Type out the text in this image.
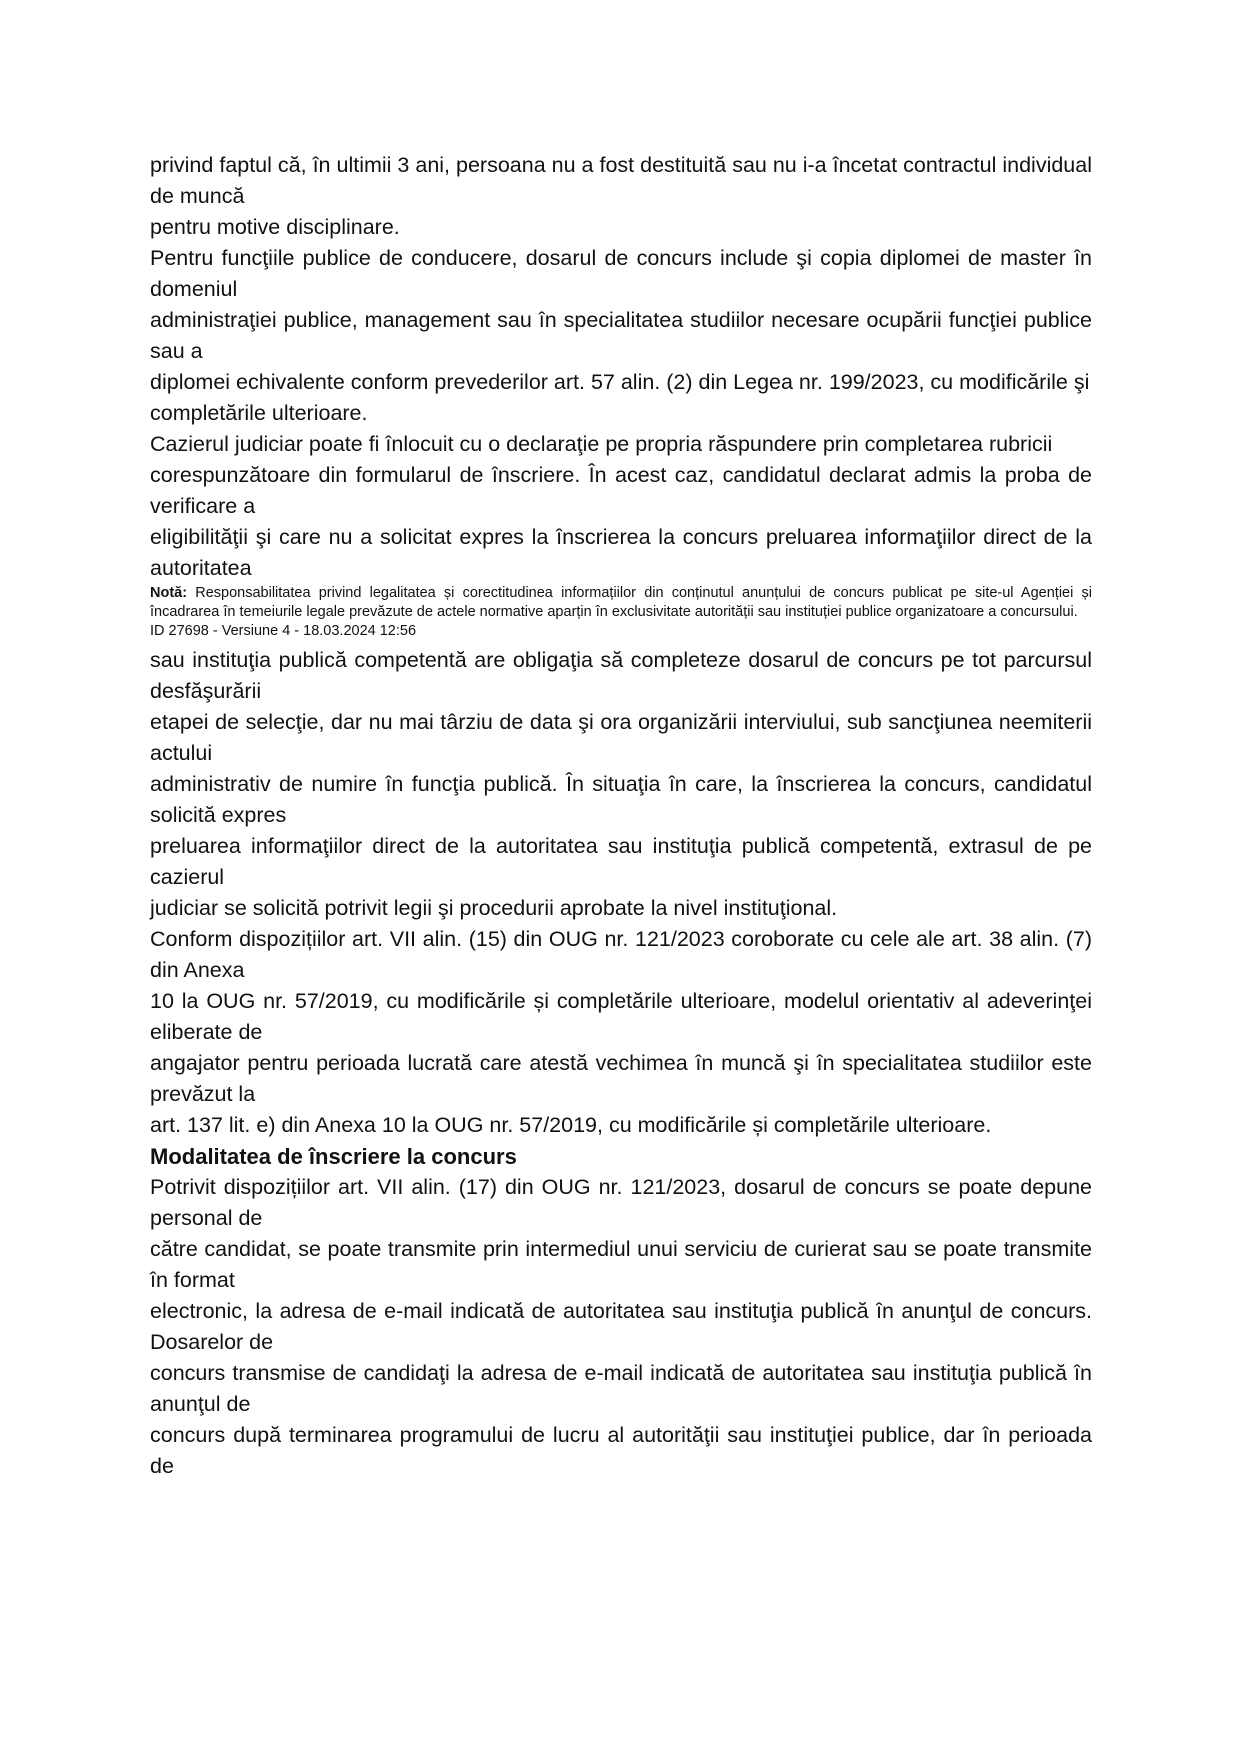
privind faptul că, în ultimii 3 ani, persoana nu a fost destituită sau nu i-a încetat contractul individual de muncă
pentru motive disciplinare.

Pentru funcţiile publice de conducere, dosarul de concurs include şi copia diplomei de master în domeniul
administraţiei publice, management sau în specialitatea studiilor necesare ocupării funcţiei publice sau a
diplomei echivalente conform prevederilor art. 57 alin. (2) din Legea nr. 199/2023, cu modificările şi
completările ulterioare.

Cazierul judiciar poate fi înlocuit cu o declaraţie pe propria răspundere prin completarea rubricii
corespunzătoare din formularul de înscriere. În acest caz, candidatul declarat admis la proba de verificare a
eligibilităţii şi care nu a solicitat expres la înscrierea la concurs preluarea informaţiilor direct de la autoritatea

Notă: Responsabilitatea privind legalitatea și corectitudinea informațiilor din conținutul anunțului de concurs publicat pe site-ul Agenției și încadrarea în temeiurile legale prevăzute de actele normative aparțin în exclusivitate autorității sau instituției publice organizatoare a concursului.

ID 27698 - Versiune 4 - 18.03.2024 12:56

sau instituţia publică competentă are obligaţia să completeze dosarul de concurs pe tot parcursul desfăşurării
etapei de selecţie, dar nu mai târziu de data şi ora organizării interviului, sub sancţiunea neemiterii actului
administrativ de numire în funcţia publică. În situaţia în care, la înscrierea la concurs, candidatul solicită expres
preluarea informaţiilor direct de la autoritatea sau instituţia publică competentă, extrasul de pe cazierul
judiciar se solicită potrivit legii şi procedurii aprobate la nivel instituţional.

Conform dispozițiilor art. VII alin. (15) din OUG nr. 121/2023 coroborate cu cele ale art. 38 alin. (7) din Anexa
10 la OUG nr. 57/2019, cu modificările și completările ulterioare, modelul orientativ al adeverinţei eliberate de
angajator pentru perioada lucrată care atestă vechimea în muncă şi în specialitatea studiilor este prevăzut la
art. 137 lit. e) din Anexa 10 la OUG nr. 57/2019, cu modificările și completările ulterioare.

Modalitatea de înscriere la concurs

Potrivit dispozițiilor art. VII alin. (17) din OUG nr. 121/2023, dosarul de concurs se poate depune personal de
către candidat, se poate transmite prin intermediul unui serviciu de curierat sau se poate transmite în format
electronic, la adresa de e-mail indicată de autoritatea sau instituţia publică în anunţul de concurs. Dosarelor de
concurs transmise de candidaţi la adresa de e-mail indicată de autoritatea sau instituţia publică în anunţul de
concurs după terminarea programului de lucru al autorităţii sau instituţiei publice, dar în perioada de
